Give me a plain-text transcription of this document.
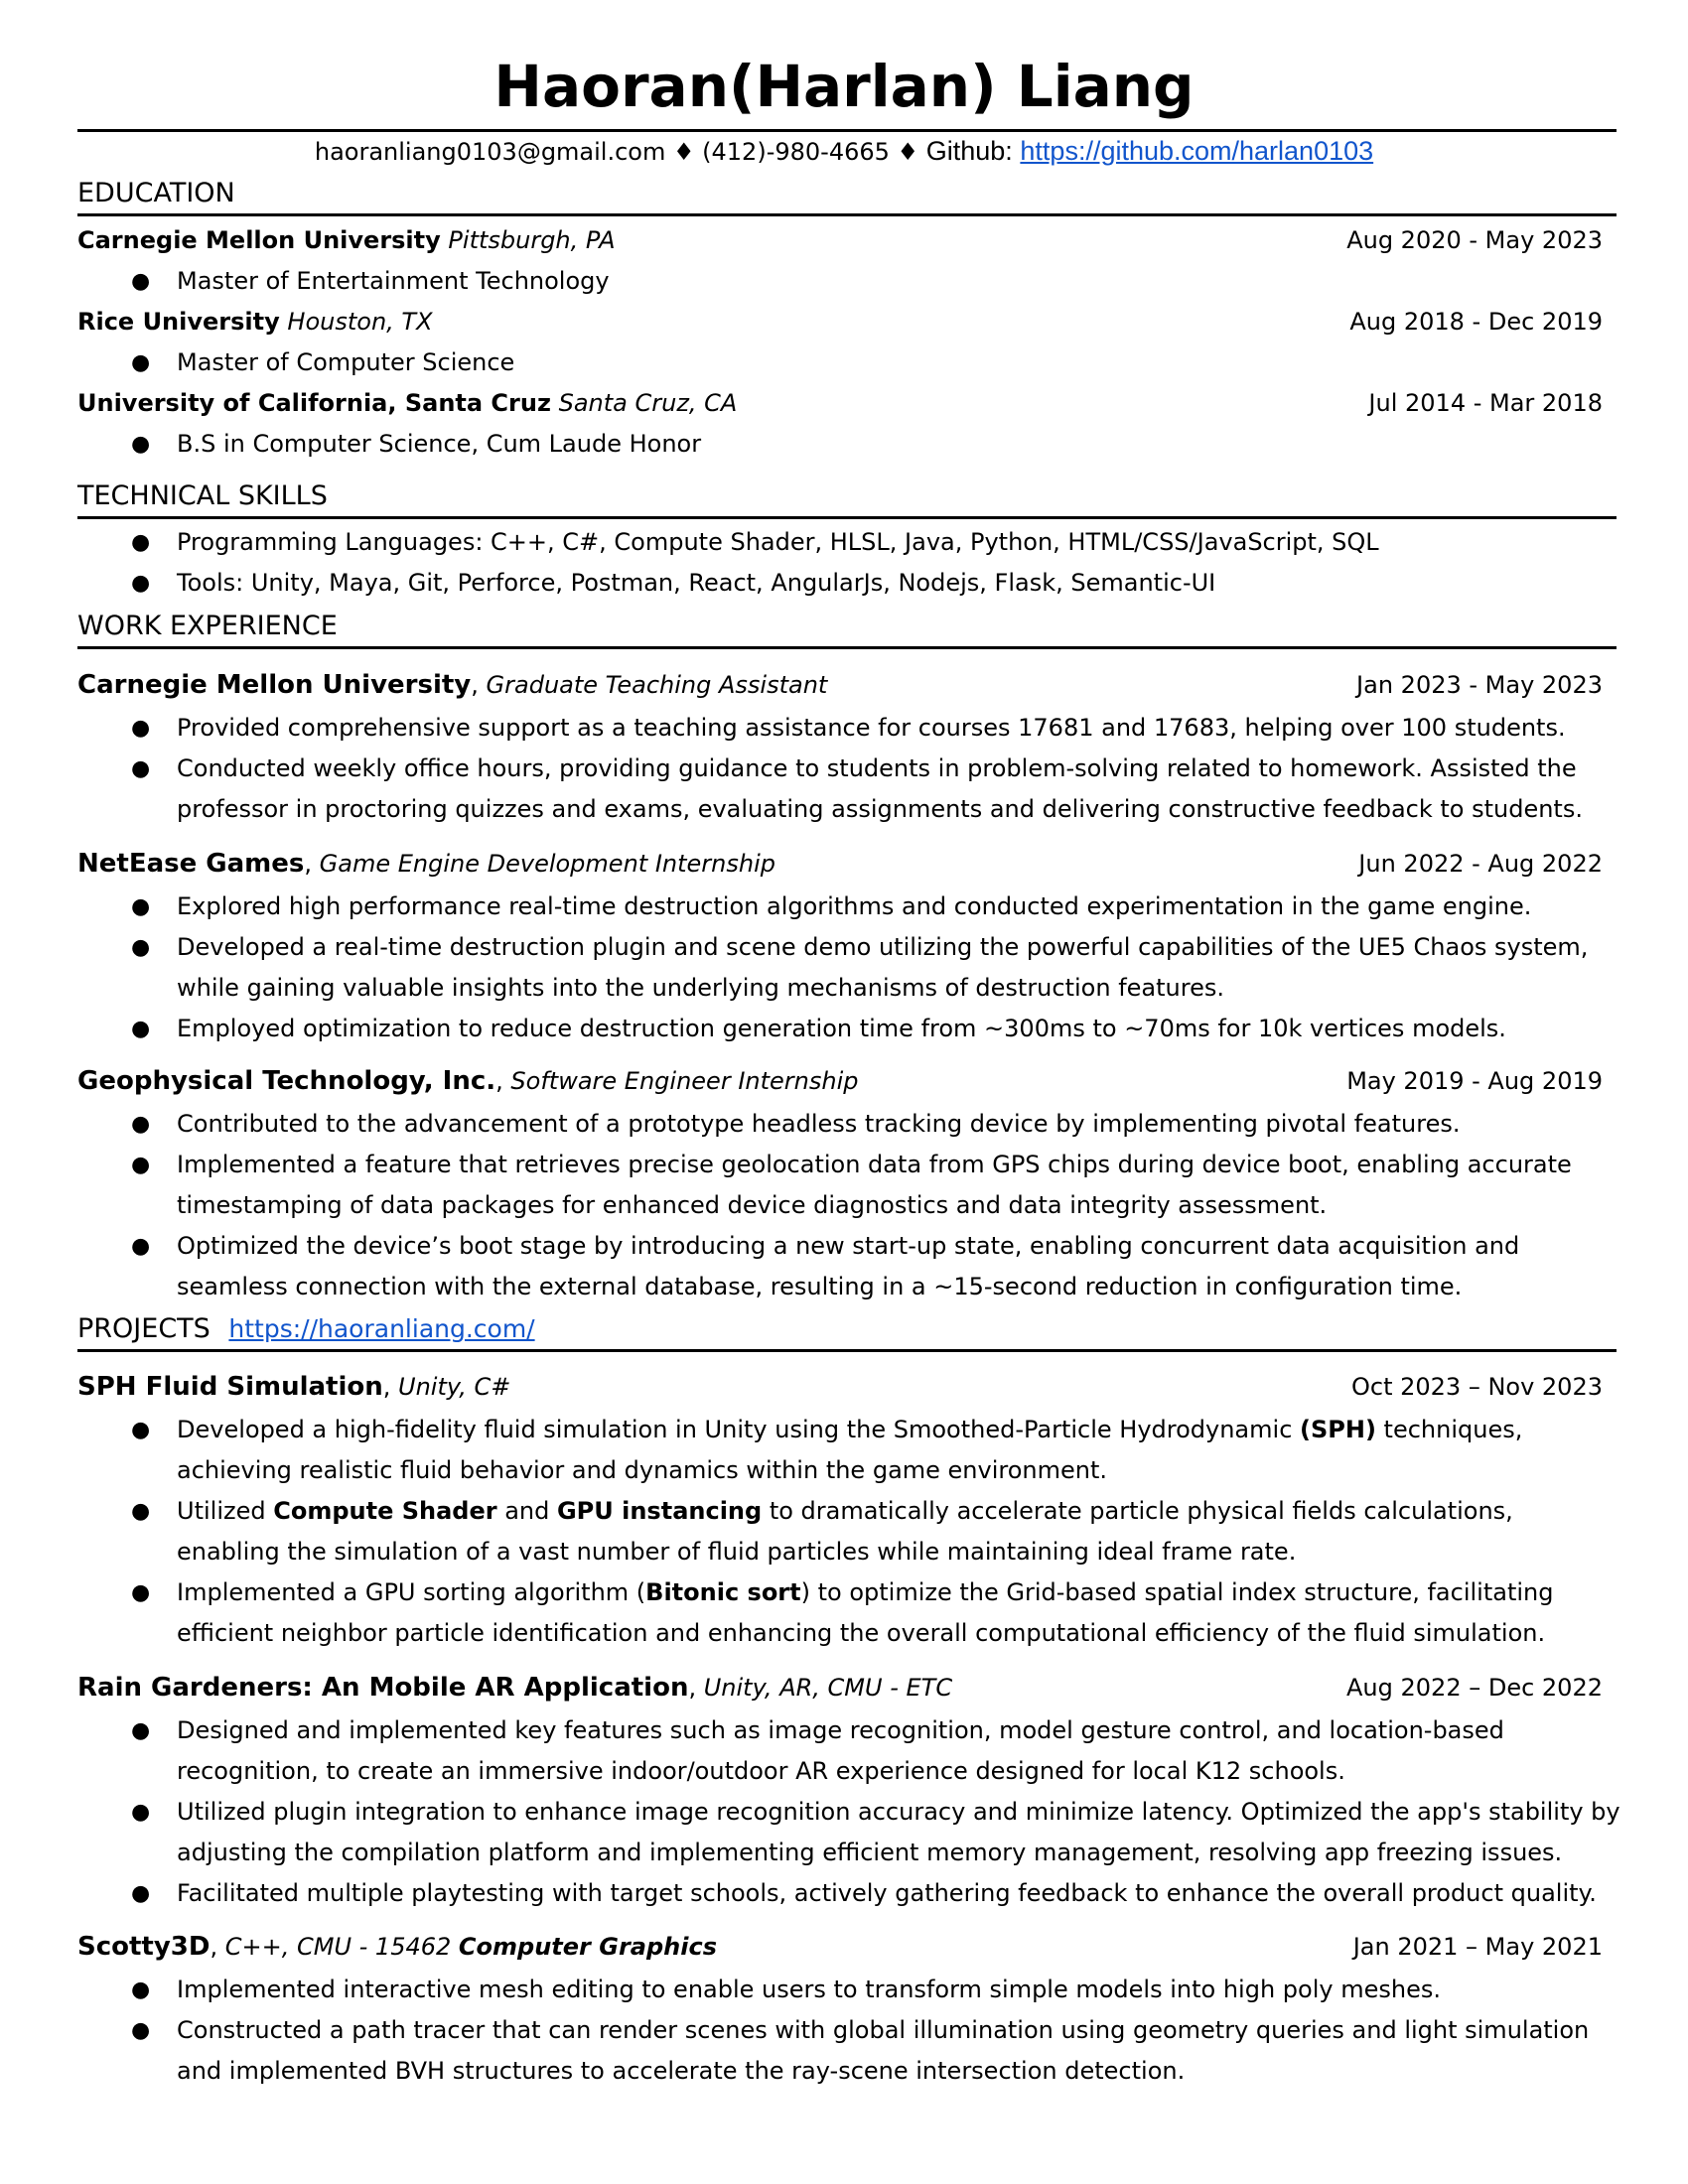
Haoran(Harlan) Liang
haoranliang0103@gmail.com ♦ (412)-980-4665 ♦ Github: https://github.com/harlan0103
EDUCATION
Carnegie Mellon University Pittsburgh, PA	Aug 2020 - May 2023
● Master of Entertainment Technology
Rice University Houston, TX	Aug 2018 - Dec 2019
● Master of Computer Science
University of California, Santa Cruz Santa Cruz, CA	Jul 2014 - Mar 2018
● B.S in Computer Science, Cum Laude Honor
TECHNICAL SKILLS
● Programming Languages: C++, C#, Compute Shader, HLSL, Java, Python, HTML/CSS/JavaScript, SQL
● Tools: Unity, Maya, Git, Perforce, Postman, React, AngularJs, Nodejs, Flask, Semantic-UI
WORK EXPERIENCE
Carnegie Mellon University, Graduate Teaching Assistant	Jan 2023 - May 2023
● Provided comprehensive support as a teaching assistance for courses 17681 and 17683, helping over 100 students.
● Conducted weekly office hours, providing guidance to students in problem-solving related to homework. Assisted the professor in proctoring quizzes and exams, evaluating assignments and delivering constructive feedback to students.
NetEase Games, Game Engine Development Internship	Jun 2022 - Aug 2022
● Explored high performance real-time destruction algorithms and conducted experimentation in the game engine.
● Developed a real-time destruction plugin and scene demo utilizing the powerful capabilities of the UE5 Chaos system, while gaining valuable insights into the underlying mechanisms of destruction features.
● Employed optimization to reduce destruction generation time from ~300ms to ~70ms for 10k vertices models.
Geophysical Technology, Inc., Software Engineer Internship	May 2019 - Aug 2019
● Contributed to the advancement of a prototype headless tracking device by implementing pivotal features.
● Implemented a feature that retrieves precise geolocation data from GPS chips during device boot, enabling accurate timestamping of data packages for enhanced device diagnostics and data integrity assessment.
● Optimized the device’s boot stage by introducing a new start-up state, enabling concurrent data acquisition and seamless connection with the external database, resulting in a ~15-second reduction in configuration time.
PROJECTS https://haoranliang.com/
SPH Fluid Simulation, Unity, C#	Oct 2023 – Nov 2023
● Developed a high-fidelity fluid simulation in Unity using the Smoothed-Particle Hydrodynamic (SPH) techniques, achieving realistic fluid behavior and dynamics within the game environment.
● Utilized Compute Shader and GPU instancing to dramatically accelerate particle physical fields calculations, enabling the simulation of a vast number of fluid particles while maintaining ideal frame rate.
● Implemented a GPU sorting algorithm (Bitonic sort) to optimize the Grid-based spatial index structure, facilitating efficient neighbor particle identification and enhancing the overall computational efficiency of the fluid simulation.
Rain Gardeners: An Mobile AR Application, Unity, AR, CMU - ETC	Aug 2022 – Dec 2022
● Designed and implemented key features such as image recognition, model gesture control, and location-based recognition, to create an immersive indoor/outdoor AR experience designed for local K12 schools.
● Utilized plugin integration to enhance image recognition accuracy and minimize latency. Optimized the app's stability by adjusting the compilation platform and implementing efficient memory management, resolving app freezing issues.
● Facilitated multiple playtesting with target schools, actively gathering feedback to enhance the overall product quality.
Scotty3D, C++, CMU - 15462 Computer Graphics	Jan 2021 – May 2021
● Implemented interactive mesh editing to enable users to transform simple models into high poly meshes.
● Constructed a path tracer that can render scenes with global illumination using geometry queries and light simulation and implemented BVH structures to accelerate the ray-scene intersection detection.
